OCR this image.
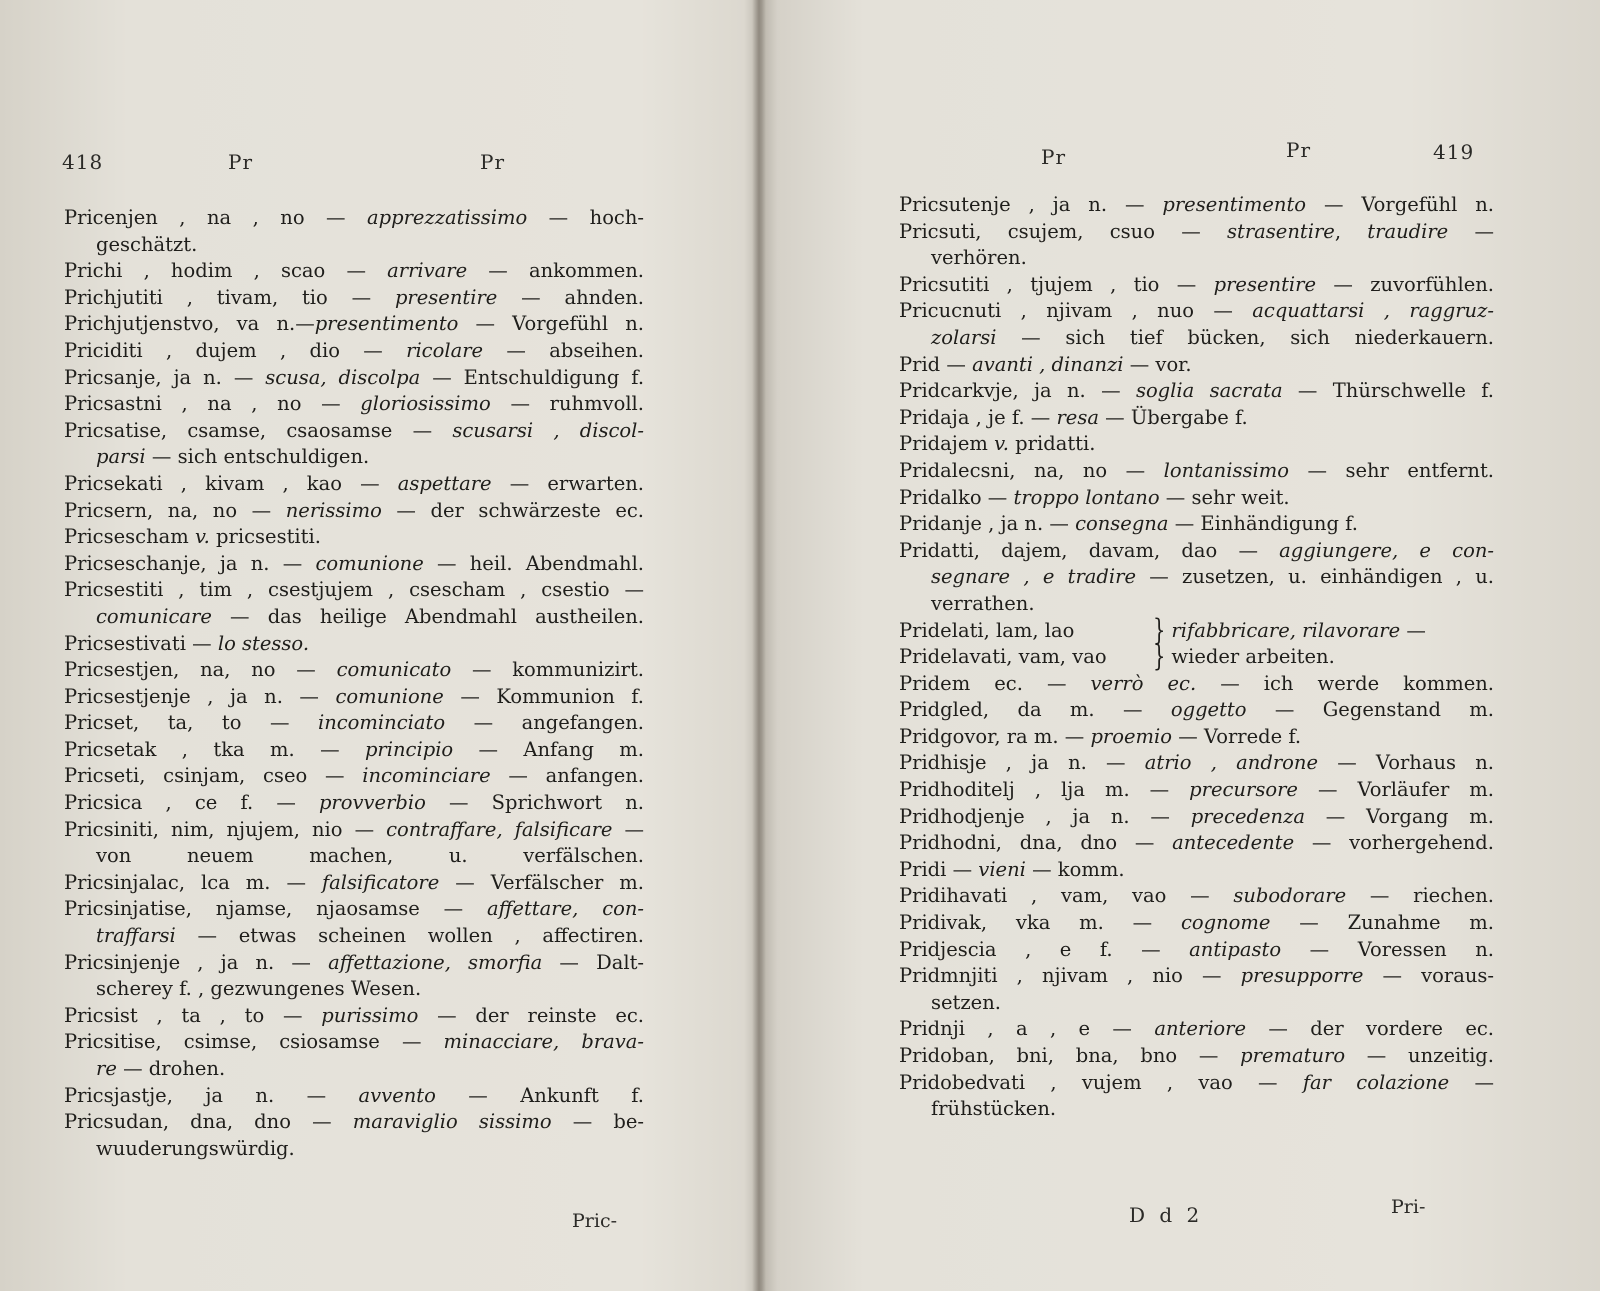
418	Pr	Pr
Pricenjen , na , no — apprezzatissimo — hoch-
geschätzt.
Prichi , hodim , scao — arrivare — ankommen.
Prichjutiti , tivam, tio — presentire — ahnden.
Prichjutjenstvo, va n.—presentimento — Vorgefühl n.
Priciditi , dujem , dio — ricolare — abseihen.
Pricsanje, ja n. — scusa, discolpa — Entschuldigung f.
Pricsastni , na , no — gloriosissimo — ruhmvoll.
Pricsatise, csamse, csaosamse — scusarsi , discol-
parsi — sich entschuldigen.
Pricsekati , kivam , kao — aspettare — erwarten.
Pricsern, na, no — nerissimo — der schwärzeste ec.
Pricsescham v. pricsestiti.
Pricseschanje, ja n. — comunione — heil. Abendmahl.
Pricsestiti , tim , csestjujem , csescham , csestio —
comunicare — das heilige Abendmahl austheilen.
Pricsestivati — lo stesso.
Pricsestjen, na, no — comunicato — kommunizirt.
Pricsestjenje , ja n. — comunione — Kommunion f.
Pricset, ta, to — incominciato — angefangen.
Pricsetak , tka m. — principio — Anfang m.
Pricseti, csinjam, cseo — incominciare — anfangen.
Pricsica , ce f. — provverbio — Sprichwort n.
Pricsiniti, nim, njujem, nio — contraffare, falsificare —
von neuem machen, u. verfälschen.
Pricsinjalac, lca m. — falsificatore — Verfälscher m.
Pricsinjatise, njamse, njaosamse — affettare, con-
traffarsi — etwas scheinen wollen , affectiren.
Pricsinjenje , ja n. — affettazione, smorfia — Dalt-
scherey f. , gezwungenes Wesen.
Pricsist , ta , to — purissimo — der reinste ec.
Pricsitise, csimse, csiosamse — minacciare, brava-
re — drohen.
Pricsjastje, ja n. — avvento — Ankunft f.
Pricsudan, dna, dno — maraviglio sissimo — be-
wuuderungswürdig.
Pric-
Pr	Pr	419
Pricsutenje , ja n. — presentimento — Vorgefühl n.
Pricsuti, csujem, csuo — strasentire, traudire —
verhören.
Pricsutiti , tjujem , tio — presentire — zuvorfühlen.
Pricucnuti , njivam , nuo — acquattarsi , raggruz-
zolarsi — sich tief bücken, sich niederkauern.
Prid — avanti , dinanzi — vor.
Pridcarkvje, ja n. — soglia sacrata — Thürschwelle f.
Pridaja , je f. — resa — Übergabe f.
Pridajem v. pridatti.
Pridalecsni, na, no — lontanissimo — sehr entfernt.
Pridalko — troppo lontano — sehr weit.
Pridanje , ja n. — consegna — Einhändigung f.
Pridatti, dajem, davam, dao — aggiungere, e con-
segnare , e tradire — zusetzen, u. einhändigen , u.
verrathen.
Pridelati, lam, lao	} rifabbricare, rilavorare —
Pridelavati, vam, vao } wieder arbeiten.
Pridem ec. — verrò ec. — ich werde kommen.
Pridgled, da m. — oggetto — Gegenstand m.
Pridgovor, ra m. — proemio — Vorrede f.
Pridhisje , ja n. — atrio , androne — Vorhaus n.
Pridhoditelj , lja m. — precursore — Vorläufer m.
Pridhodjenje , ja n. — precedenza — Vorgang m.
Pridhodni, dna, dno — antecedente — vorhergehend.
Pridi — vieni — komm.
Pridihavati , vam, vao — subodorare — riechen.
Pridivak, vka m. — cognome — Zunahme m.
Pridjescia , e f. — antipasto — Voressen n.
Pridmnjiti , njivam , nio — presupporre — voraus-
setzen.
Pridnji , a , e — anteriore — der vordere ec.
Pridoban, bni, bna, bno — prematuro — unzeitig.
Pridobedvati , vujem , vao — far colazione —
frühstücken.
D d 2	Pri-
